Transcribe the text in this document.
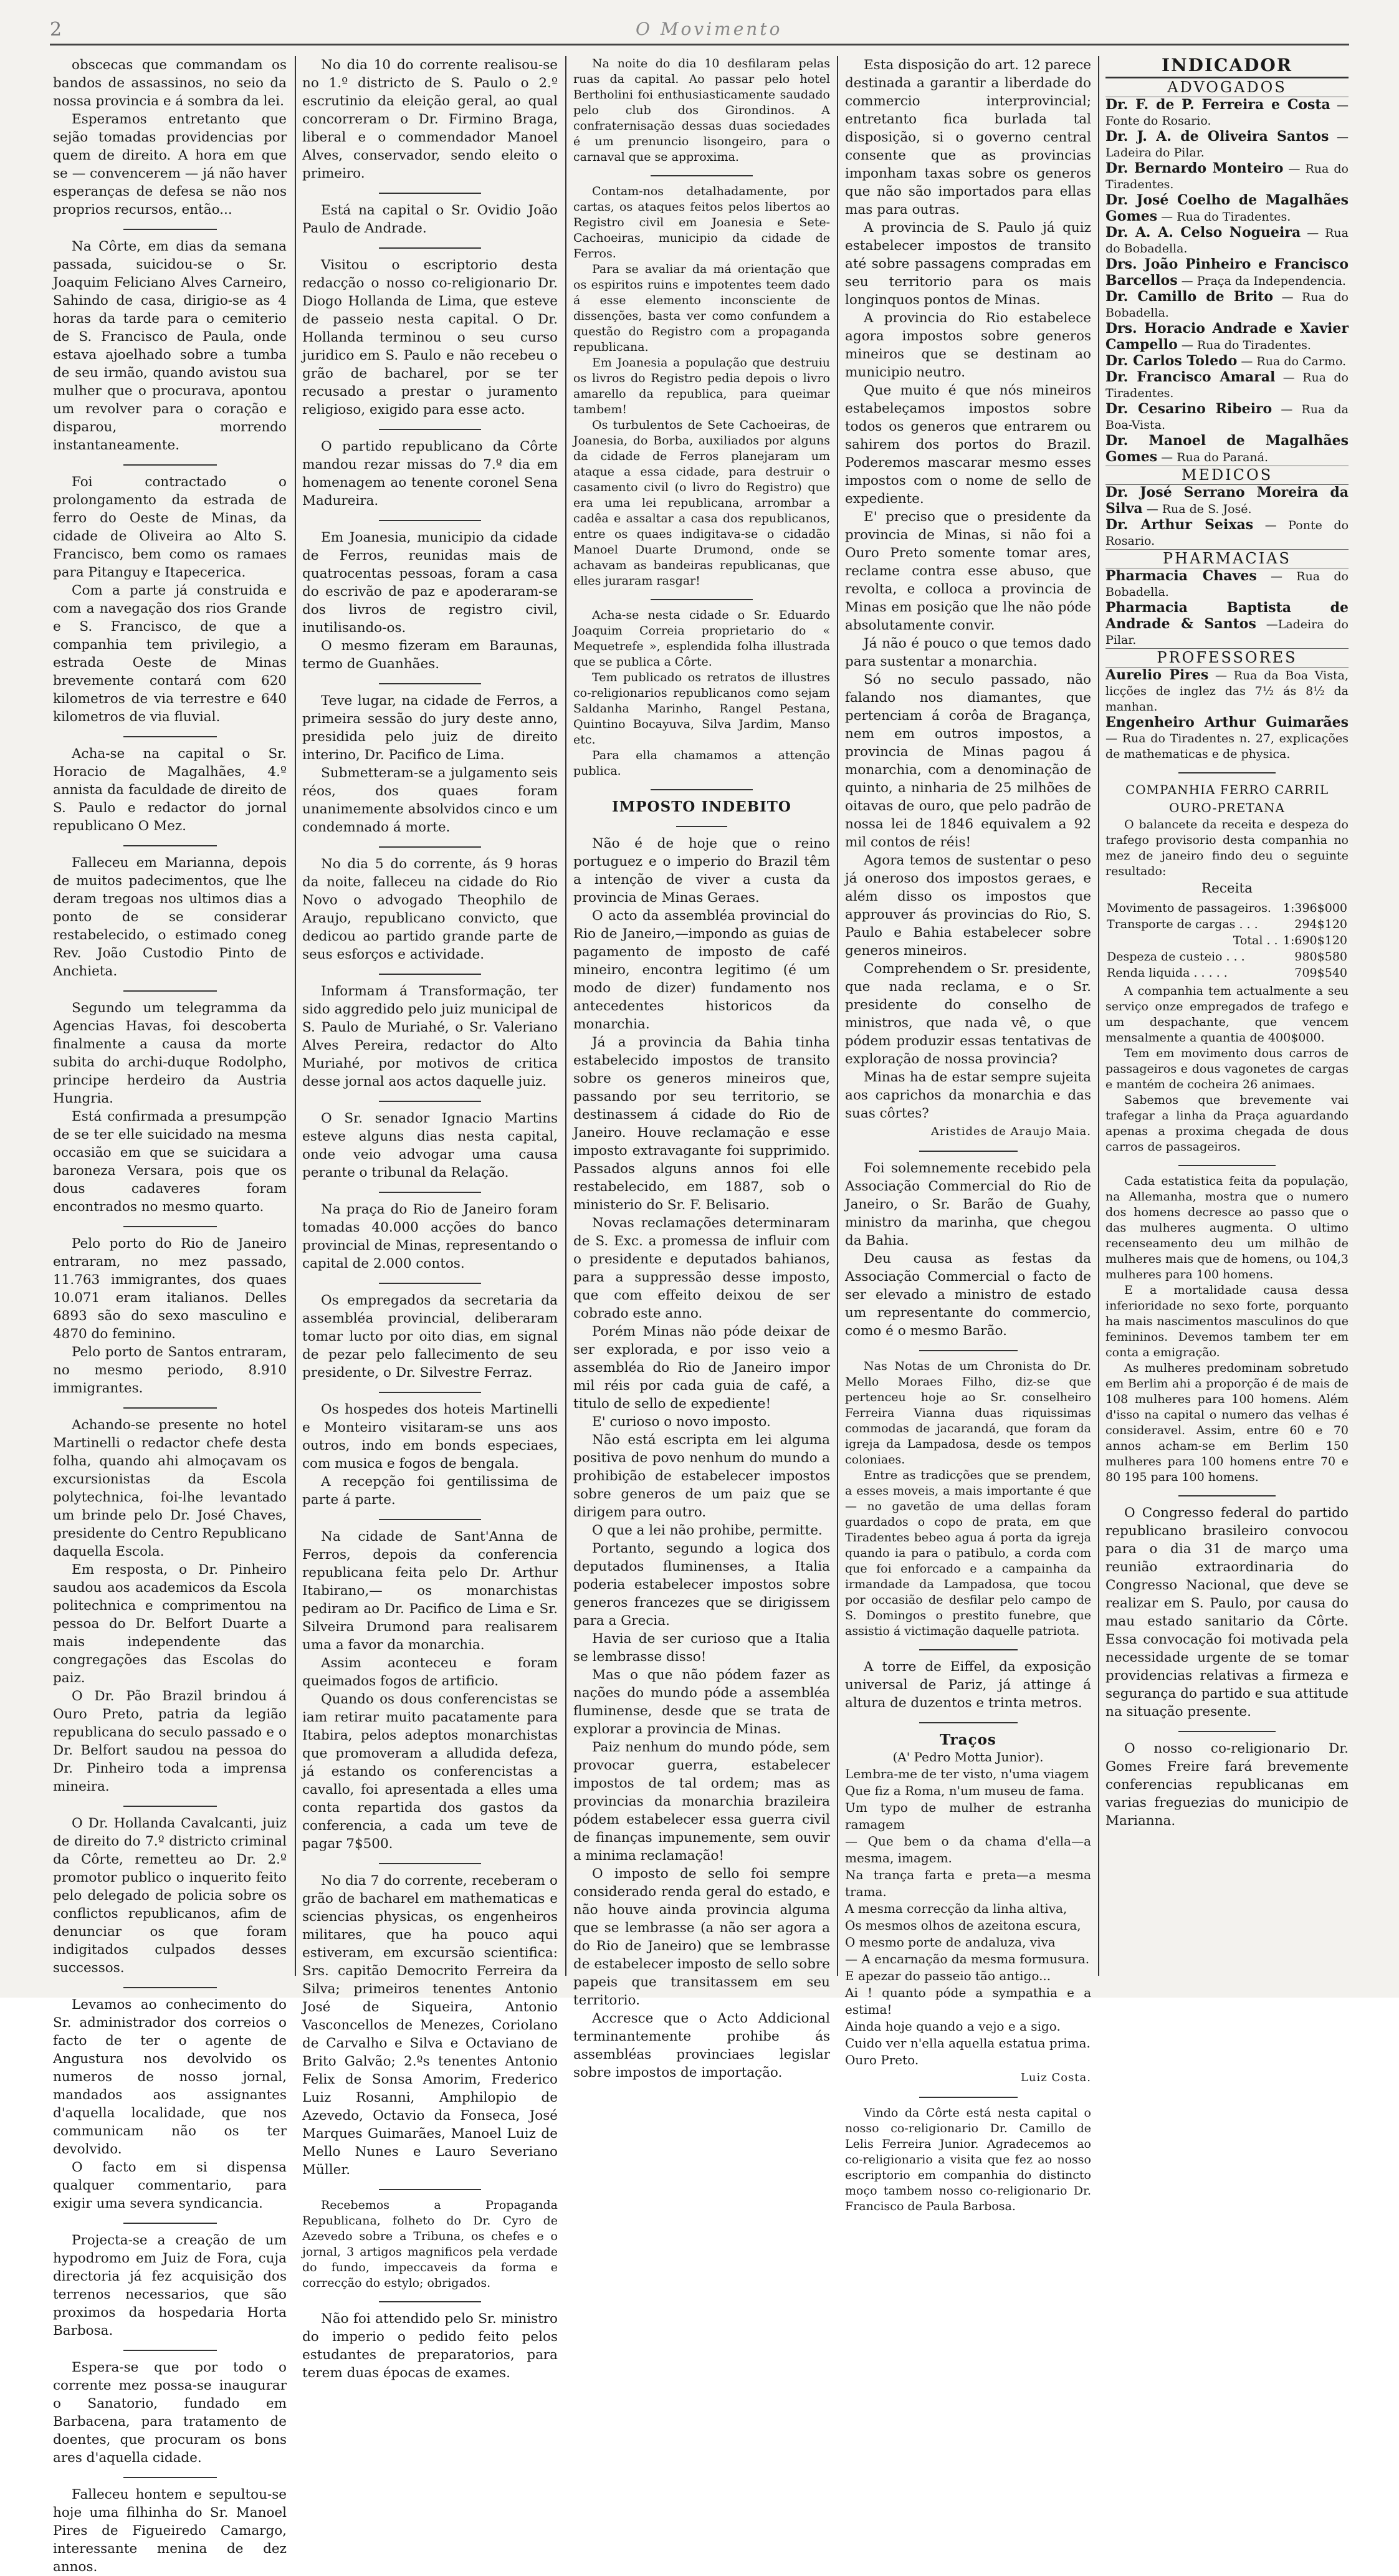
2	O Movimento

obscecas que commandam os bandos de assassinos, no seio da nossa provincia e á sombra da lei.

Esperamos entretanto que sejão tomadas providencias por quem de direito. A hora em que se — convencerem — já não haver esperanças de defesa se não nos proprios recursos, então...

Na Côrte, em dias da semana passada, suicidou-se o Sr. Joaquim Feliciano Alves Carneiro, Sahindo de casa, dirigio-se as 4 horas da tarde para o cemiterio de S. Francisco de Paula, onde estava ajoelhado sobre a tumba de seu irmão, quando avistou sua mulher que o procurava, apontou um revolver para o coração e disparou, morrendo instantaneamente.

Foi contractado o prolongamento da estrada de ferro do Oeste de Minas, da cidade de Oliveira ao Alto S. Francisco, bem como os ramaes para Pitanguy e Itapecerica.

Com a parte já construida e com a navegação dos rios Grande e S. Francisco, de que a companhia tem privilegio, a estrada Oeste de Minas brevemente contará com 620 kilometros de via terrestre e 640 kilometros de via fluvial.

Acha-se na capital o Sr. Horacio de Magalhães, 4.º annista da faculdade de direito de S. Paulo e redactor do jornal republicano O Mez.

Falleceu em Marianna, depois de muitos padecimentos, que lhe deram tregoas nos ultimos dias a ponto de se considerar restabelecido, o estimado coneg Rev. João Custodio Pinto de Anchieta.

Segundo um telegramma da Agencias Havas, foi descoberta finalmente a causa da morte subita do archi-duque Rodolpho, principe herdeiro da Austria Hungria.

Está confirmada a presumpção de se ter elle suicidado na mesma occasião em que se suicidara a baroneza Versara, pois que os dous cadaveres foram encontrados no mesmo quarto.

Pelo porto do Rio de Janeiro entraram, no mez passado, 11.763 immigrantes, dos quaes 10.071 eram italianos. Delles 6893 são do sexo masculino e 4870 do feminino.

Pelo porto de Santos entraram, no mesmo periodo, 8.910 immigrantes.

Achando-se presente no hotel Martinelli o redactor chefe desta folha, quando ahi almoçavam os excursionistas da Escola polytechnica, foi-lhe levantado um brinde pelo Dr. José Chaves, presidente do Centro Republicano daquella Escola.

Em resposta, o Dr. Pinheiro saudou aos academicos da Escola politechnica e comprimentou na pessoa do Dr. Belfort Duarte a mais independente das congregações das Escolas do paiz.

O Dr. Pão Brazil brindou á Ouro Preto, patria da legião republicana do seculo passado e o Dr. Belfort saudou na pessoa do Dr. Pinheiro toda a imprensa mineira.

O Dr. Hollanda Cavalcanti, juiz de direito do 7.º districto criminal da Côrte, remetteu ao Dr. 2.º promotor publico o inquerito feito pelo delegado de policia sobre os conflictos republicanos, afim de denunciar os que foram indigitados culpados desses successos.

Levamos ao conhecimento do Sr. administrador dos correios o facto de ter o agente de Angustura nos devolvido os numeros de nosso jornal, mandados aos assignantes d'aquella localidade, que nos communicam não os ter devolvido.

O facto em si dispensa qualquer commentario, para exigir uma severa syndicancia.

Projecta-se a creação de um hypodromo em Juiz de Fora, cuja directoria já fez acquisição dos terrenos necessarios, que são proximos da hospedaria Horta Barbosa.

Espera-se que por todo o corrente mez possa-se inaugurar o Sanatorio, fundado em Barbacena, para tratamento de doentes, que procuram os bons ares d'aquella cidade.

Falleceu hontem e sepultou-se hoje uma filhinha do Sr. Manoel Pires de Figueiredo Camargo, interessante menina de dez annos.

No dia 10 do corrente realisou-se no 1.º districto de S. Paulo o 2.º escrutinio da eleição geral, ao qual concorreram o Dr. Firmino Braga, liberal e o commendador Manoel Alves, conservador, sendo eleito o primeiro.

Está na capital o Sr. Ovidio João Paulo de Andrade.

Visitou o escriptorio desta redacção o nosso co-religionario Dr. Diogo Hollanda de Lima, que esteve de passeio nesta capital. O Dr. Hollanda terminou o seu curso juridico em S. Paulo e não recebeu o grão de bacharel, por se ter recusado a prestar o juramento religioso, exigido para esse acto.

O partido republicano da Côrte mandou rezar missas do 7.º dia em homenagem ao tenente coronel Sena Madureira.

Em Joanesia, municipio da cidade de Ferros, reunidas mais de quatrocentas pessoas, foram a casa do escrivão de paz e apoderaram-se dos livros de registro civil, inutilisando-os.

O mesmo fizeram em Baraunas, termo de Guanhães.

Teve lugar, na cidade de Ferros, a primeira sessão do jury deste anno, presidida pelo juiz de direito interino, Dr. Pacifico de Lima.

Submetteram-se a julgamento seis réos, dos quaes foram unanimemente absolvidos cinco e um condemnado á morte.

No dia 5 do corrente, ás 9 horas da noite, falleceu na cidade do Rio Novo o advogado Theophilo de Araujo, republicano convicto, que dedicou ao partido grande parte de seus esforços e actividade.

Informam á Transformação, ter sido aggredido pelo juiz municipal de S. Paulo de Muriahé, o Sr. Valeriano Alves Pereira, redactor do Alto Muriahé, por motivos de critica desse jornal aos actos daquelle juiz.

O Sr. senador Ignacio Martins esteve alguns dias nesta capital, onde veio advogar uma causa perante o tribunal da Relação.

Na praça do Rio de Janeiro foram tomadas 40.000 acções do banco provincial de Minas, representando o capital de 2.000 contos.

Os empregados da secretaria da assembléa provincial, deliberaram tomar lucto por oito dias, em signal de pezar pelo fallecimento de seu presidente, o Dr. Silvestre Ferraz.

Os hospedes dos hoteis Martinelli e Monteiro visitaram-se uns aos outros, indo em bonds especiaes, com musica e fogos de bengala.

A recepção foi gentilissima de parte á parte.

Na cidade de Sant'Anna de Ferros, depois da conferencia republicana feita pelo Dr. Arthur Itabirano,— os monarchistas pediram ao Dr. Pacifico de Lima e Sr. Silveira Drumond para realisarem uma a favor da monarchia.

Assim aconteceu e foram queimados fogos de artificio.

Quando os dous conferencistas se iam retirar muito pacatamente para Itabira, pelos adeptos monarchistas que promoveram a alludida defeza, já estando os conferencistas a cavallo, foi apresentada a elles uma conta repartida dos gastos da conferencia, a cada um teve de pagar 7$500.

No dia 7 do corrente, receberam o grão de bacharel em mathematicas e sciencias physicas, os engenheiros militares, que ha pouco aqui estiveram, em excursão scientifica: Srs. capitão Democrito Ferreira da Silva; primeiros tenentes Antonio José de Siqueira, Antonio Vasconcellos de Menezes, Coriolano de Carvalho e Silva e Octaviano de Brito Galvão; 2.ºs tenentes Antonio Felix de Sonsa Amorim, Frederico Luiz Rosanni, Amphilopio de Azevedo, Octavio da Fonseca, José Marques Guimarães, Manoel Luiz de Mello Nunes e Lauro Severiano Müller.

Recebemos a Propaganda Republicana, folheto do Dr. Cyro de Azevedo sobre a Tribuna, os chefes e o jornal, 3 artigos magnificos pela verdade do fundo, impeccaveis da forma e correcção do estylo; obrigados.

Não foi attendido pelo Sr. ministro do imperio o pedido feito pelos estudantes de preparatorios, para terem duas épocas de exames.

Na noite do dia 10 desfilaram pelas ruas da capital. Ao passar pelo hotel Bertholini foi enthusiasticamente saudado pelo club dos Girondinos. A confraternisação dessas duas sociedades é um prenuncio lisongeiro, para o carnaval que se approxima.

Contam-nos detalhadamente, por cartas, os ataques feitos pelos libertos ao Registro civil em Joanesia e Sete-Cachoeiras, municipio da cidade de Ferros.

Para se avaliar da má orientação que os espiritos ruins e impotentes teem dado á esse elemento inconsciente de dissenções, basta ver como confundem a questão do Registro com a propaganda republicana.

Em Joanesia a população que destruiu os livros do Registro pedia depois o livro amarello da republica, para queimar tambem!

Os turbulentos de Sete Cachoeiras, de Joanesia, do Borba, auxiliados por alguns da cidade de Ferros planejaram um ataque a essa cidade, para destruir o casamento civil (o livro do Registro) que era uma lei republicana, arrombar a cadêa e assaltar a casa dos republicanos, entre os quaes indigitava-se o cidadão Manoel Duarte Drumond, onde se achavam as bandeiras republicanas, que elles juraram rasgar!

Acha-se nesta cidade o Sr. Eduardo Joaquim Correia proprietario do « Mequetrefe », esplendida folha illustrada que se publica a Côrte.

Tem publicado os retratos de illustres co-religionarios republicanos como sejam Saldanha Marinho, Rangel Pestana, Quintino Bocayuva, Silva Jardim, Manso etc.

Para ella chamamos a attenção publica.

IMPOSTO INDEBITO

Não é de hoje que o reino portuguez e o imperio do Brazil têm a intenção de viver a custa da provincia de Minas Geraes.

O acto da assembléa provincial do Rio de Janeiro,—impondo as guias de pagamento de imposto de café mineiro, encontra legitimo (é um modo de dizer) fundamento nos antecedentes historicos da monarchia.

Já a provincia da Bahia tinha estabelecido impostos de transito sobre os generos mineiros que, passando por seu territorio, se destinassem á cidade do Rio de Janeiro. Houve reclamação e esse imposto extravagante foi supprimido. Passados alguns annos foi elle restabelecido, em 1887, sob o ministerio do Sr. F. Belisario.

Novas reclamações determinaram de S. Exc. a promessa de influir com o presidente e deputados bahianos, para a suppressão desse imposto, que com effeito deixou de ser cobrado este anno.

Porém Minas não póde deixar de ser explorada, e por isso veio a assembléa do Rio de Janeiro impor mil réis por cada guia de café, a titulo de sello de expediente!

E' curioso o novo imposto.

Não está escripta em lei alguma positiva de povo nenhum do mundo a prohibição de estabelecer impostos sobre generos de um paiz que se dirigem para outro.

O que a lei não prohibe, permitte.

Portanto, segundo a logica dos deputados fluminenses, a Italia poderia estabelecer impostos sobre generos francezes que se dirigissem para a Grecia.

Havia de ser curioso que a Italia se lembrasse disso!

Mas o que não pódem fazer as nações do mundo póde a assembléa fluminense, desde que se trata de explorar a provincia de Minas.

Paiz nenhum do mundo póde, sem provocar guerra, estabelecer impostos de tal ordem; mas as provincias da monarchia brazileira pódem estabelecer essa guerra civil de finanças impunemente, sem ouvir a minima reclamação!

O imposto de sello foi sempre considerado renda geral do estado, e não houve ainda provincia alguma que se lembrasse (a não ser agora a do Rio de Janeiro) que se lembrasse de estabelecer imposto de sello sobre papeis que transitassem em seu territorio.

Accresce que o Acto Addicional terminantemente prohibe ás assembléas provinciaes legislar sobre impostos de importação.

Esta disposição do art. 12 parece destinada a garantir a liberdade do commercio interprovincial; entretanto fica burlada tal disposição, si o governo central consente que as provincias imponham taxas sobre os generos que não são importados para ellas mas para outras.

A provincia de S. Paulo já quiz estabelecer impostos de transito até sobre passagens compradas em seu territorio para os mais longinquos pontos de Minas.

A provincia do Rio estabelece agora impostos sobre generos mineiros que se destinam ao municipio neutro.

Que muito é que nós mineiros estabeleçamos impostos sobre todos os generos que entrarem ou sahirem dos portos do Brazil. Poderemos mascarar mesmo esses impostos com o nome de sello de expediente.

E' preciso que o presidente da provincia de Minas, si não foi a Ouro Preto somente tomar ares, reclame contra esse abuso, que revolta, e colloca a provincia de Minas em posição que lhe não póde absolutamente convir.

Já não é pouco o que temos dado para sustentar a monarchia.

Só no seculo passado, não falando nos diamantes, que pertenciam á corôa de Bragança, nem em outros impostos, a provincia de Minas pagou á monarchia, com a denominação de quinto, a ninharia de 25 milhões de oitavas de ouro, que pelo padrão de nossa lei de 1846 equivalem a 92 mil contos de réis!

Agora temos de sustentar o peso já oneroso dos impostos geraes, e além disso os impostos que approuver ás provincias do Rio, S. Paulo e Bahia estabelecer sobre generos mineiros.

Comprehendem o Sr. presidente, que nada reclama, e o Sr. presidente do conselho de ministros, que nada vê, o que pódem produzir essas tentativas de exploração de nossa provincia?

Minas ha de estar sempre sujeita aos caprichos da monarchia e das suas côrtes?

Aristides de Araujo Maia.

Foi solemnemente recebido pela Associação Commercial do Rio de Janeiro, o Sr. Barão de Guahy, ministro da marinha, que chegou da Bahia.

Deu causa as festas da Associação Commercial o facto de ser elevado a ministro de estado um representante do commercio, como é o mesmo Barão.

Nas Notas de um Chronista do Dr. Mello Moraes Filho, diz-se que pertenceu hoje ao Sr. conselheiro Ferreira Vianna duas riquissimas commodas de jacarandá, que foram da igreja da Lampadosa, desde os tempos coloniaes.

Entre as tradicções que se prendem, a esses moveis, a mais importante é que — no gavetão de uma dellas foram guardados o copo de prata, em que Tiradentes bebeo agua á porta da igreja quando ia para o patibulo, a corda com que foi enforcado e a campainha da irmandade da Lampadosa, que tocou por occasião de desfilar pelo campo de S. Domingos o prestito funebre, que assistio á victimação daquelle patriota.

A torre de Eiffel, da exposição universal de Pariz, já attinge á altura de duzentos e trinta metros.

Traços

(A' Pedro Motta Junior).

Lembra-me de ter visto, n'uma viagem

Que fiz a Roma, n'um museu de fama.

Um typo de mulher de estranha ramagem

— Que bem o da chama d'ella—a mesma, imagem.

Na trança farta e preta—a mesma trama.

A mesma correcção da linha altiva,

Os mesmos olhos de azeitona escura,

O mesmo porte de andaluza, viva

— A encarnação da mesma formusura.

E apezar do passeio tão antigo...

Ai ! quanto póde a sympathia e a estima!

Ainda hoje quando a vejo e a sigo.

Cuido ver n'ella aquella estatua prima.

Ouro Preto.

Luiz Costa.

Vindo da Côrte está nesta capital o nosso co-religionario Dr. Camillo de Lelis Ferreira Junior. Agradecemos ao co-religionario a visita que fez ao nosso escriptorio em companhia do distincto moço tambem nosso co-religionario Dr. Francisco de Paula Barbosa.

INDICADOR

ADVOGADOS

Dr. F. de P. Ferreira e Costa — Fonte do Rosario.

Dr. J. A. de Oliveira Santos — Ladeira do Pilar.

Dr. Bernardo Monteiro — Rua do Tiradentes.

Dr. José Coelho de Magalhães Gomes — Rua do Tiradentes.

Dr. A. A. Celso Nogueira — Rua do Bobadella.

Drs. João Pinheiro e Francisco Barcellos — Praça da Independencia.

Dr. Camillo de Brito — Rua do Bobadella.

Drs. Horacio Andrade e Xavier Campello — Rua do Tiradentes.

Dr. Carlos Toledo — Rua do Carmo.

Dr. Francisco Amaral — Rua do Tiradentes.

Dr. Cesarino Ribeiro — Rua da Boa-Vista.

Dr. Manoel de Magalhães Gomes — Rua do Paraná.

MEDICOS

Dr. José Serrano Moreira da Silva — Rua de S. José.

Dr. Arthur Seixas — Ponte do Rosario.

PHARMACIAS

Pharmacia Chaves — Rua do Bobadella.

Pharmacia Baptista de Andrade & Santos —Ladeira do Pilar.

PROFESSORES

Aurelio Pires — Rua da Boa Vista, licções de inglez das 7½ ás 8½ da manhan.

Engenheiro Arthur Guimarães — Rua do Tiradentes n. 27, explicações de mathematicas e de physica.

COMPANHIA FERRO CARRIL OURO-PRETANA

O balancete da receita e despeza do trafego provisorio desta companhia no mez de janeiro findo deu o seguinte resultado:

Receita

Movimento de passageiros.	1:396$000
Transporte de cargas . . .	294$120
Total . .	1:690$120
Despeza de custeio . . .	980$580
Renda liquida . . . . .	709$540

A companhia tem actualmente a seu serviço onze empregados de trafego e um despachante, que vencem mensalmente a quantia de 400$000.

Tem em movimento dous carros de passageiros e dous vagonetes de cargas e mantém de cocheira 26 animaes.

Sabemos que brevemente vai trafegar a linha da Praça aguardando apenas a proxima chegada de dous carros de passageiros.

Cada estatistica feita da população, na Allemanha, mostra que o numero dos homens decresce ao passo que o das mulheres augmenta. O ultimo recenseamento deu um milhão de mulheres mais que de homens, ou 104,3 mulheres para 100 homens.

E a mortalidade causa dessa inferioridade no sexo forte, porquanto ha mais nascimentos masculinos do que femininos. Devemos tambem ter em conta a emigração.

As mulheres predominam sobretudo em Berlim ahi a proporção é de mais de 108 mulheres para 100 homens. Além d'isso na capital o numero das velhas é consideravel. Assim, entre 60 e 70 annos acham-se em Berlim 150 mulheres para 100 homens entre 70 e 80 195 para 100 homens.

O Congresso federal do partido republicano brasileiro convocou para o dia 31 de março uma reunião extraordinaria do Congresso Nacional, que deve se realizar em S. Paulo, por causa do mau estado sanitario da Côrte. Essa convocação foi motivada pela necessidade urgente de se tomar providencias relativas a firmeza e segurança do partido e sua attitude na situação presente.

O nosso co-religionario Dr. Gomes Freire fará brevemente conferencias republicanas em varias freguezias do municipio de Marianna.
